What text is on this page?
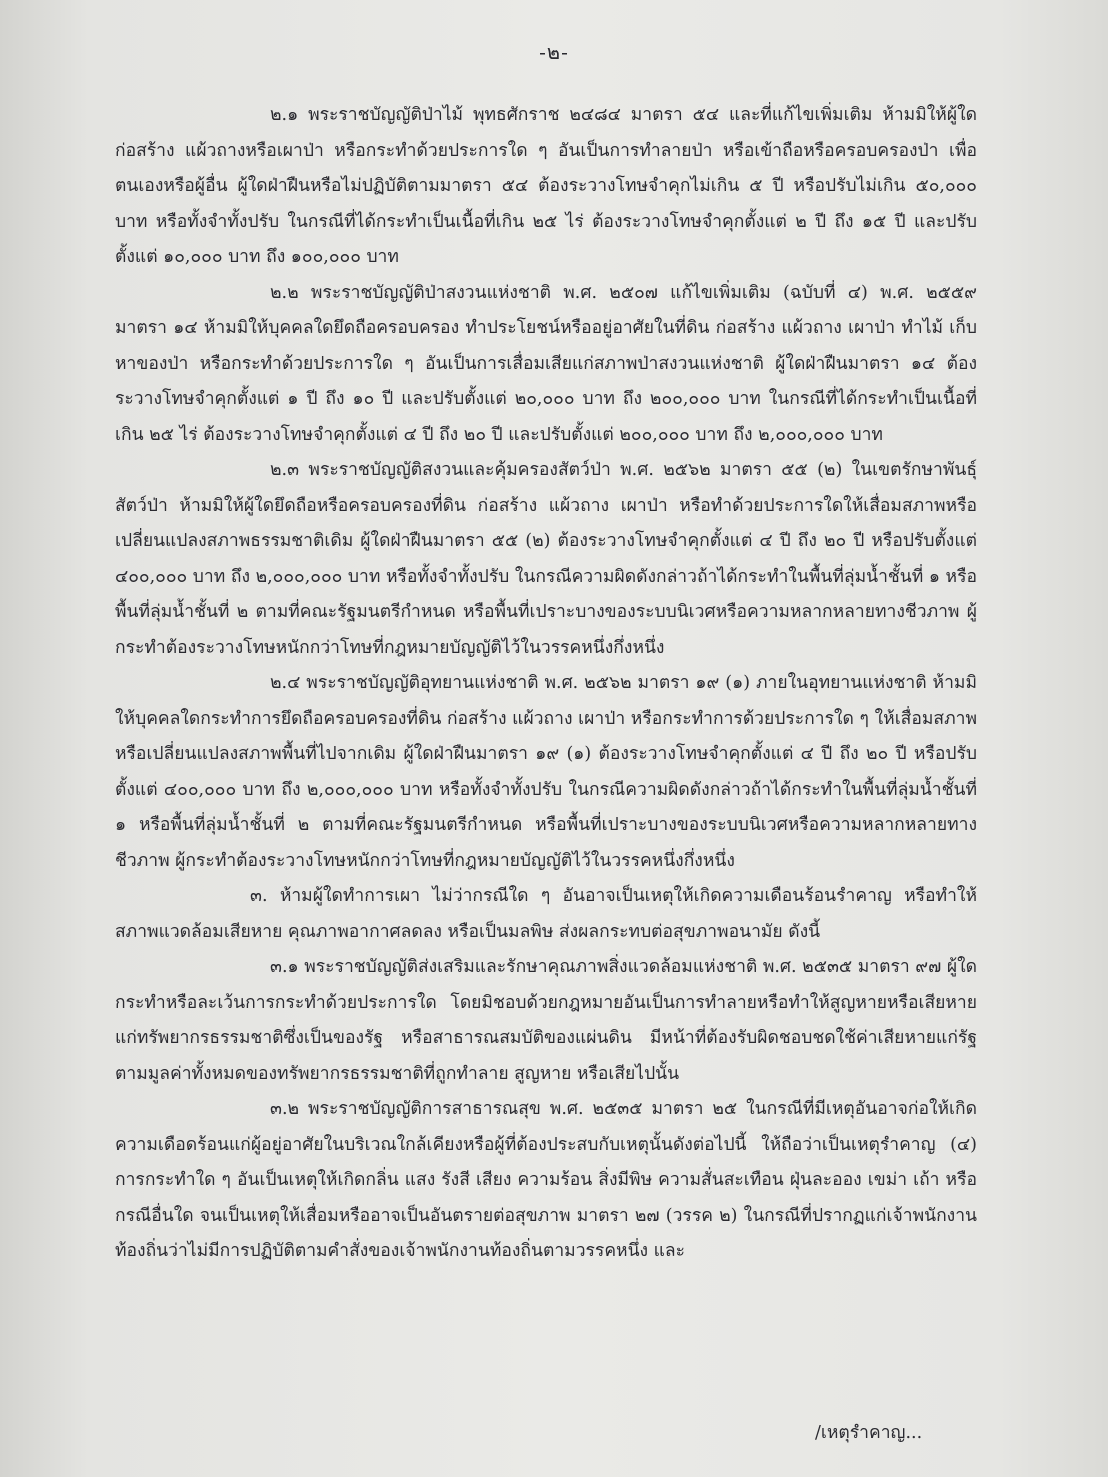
-๒-

๒.๑ พระราชบัญญัติป่าไม้ พุทธศักราช ๒๔๘๔ มาตรา ๕๔ และที่แก้ไขเพิ่มเติม ห้ามมิให้ผู้ใดก่อสร้าง แผ้วถางหรือเผาป่า หรือกระทำด้วยประการใด ๆ อันเป็นการทำลายป่า หรือเข้าถือหรือครอบครองป่า เพื่อตนเองหรือผู้อื่น ผู้ใดฝ่าฝืนหรือไม่ปฏิบัติตามมาตรา ๕๔ ต้องระวางโทษจำคุกไม่เกิน ๕ ปี หรือปรับไม่เกิน ๕๐,๐๐๐ บาท หรือทั้งจำทั้งปรับ ในกรณีที่ได้กระทำเป็นเนื้อที่เกิน ๒๕ ไร่ ต้องระวางโทษจำคุกตั้งแต่ ๒ ปี ถึง ๑๕ ปี และปรับตั้งแต่ ๑๐,๐๐๐ บาท ถึง ๑๐๐,๐๐๐ บาท

๒.๒ พระราชบัญญัติป่าสงวนแห่งชาติ พ.ศ. ๒๕๐๗ แก้ไขเพิ่มเติม (ฉบับที่ ๔) พ.ศ. ๒๕๕๙ มาตรา ๑๔ ห้ามมิให้บุคคลใดยึดถือครอบครอง ทำประโยชน์หรืออยู่อาศัยในที่ดิน ก่อสร้าง แผ้วถาง เผาป่า ทำไม้ เก็บหาของป่า หรือกระทำด้วยประการใด ๆ อันเป็นการเสื่อมเสียแก่สภาพป่าสงวนแห่งชาติ ผู้ใดฝ่าฝืนมาตรา ๑๔ ต้องระวางโทษจำคุกตั้งแต่ ๑ ปี ถึง ๑๐ ปี และปรับตั้งแต่ ๒๐,๐๐๐ บาท ถึง ๒๐๐,๐๐๐ บาท ในกรณีที่ได้กระทำเป็นเนื้อที่เกิน ๒๕ ไร่ ต้องระวางโทษจำคุกตั้งแต่ ๔ ปี ถึง ๒๐ ปี และปรับตั้งแต่ ๒๐๐,๐๐๐ บาท ถึง ๒,๐๐๐,๐๐๐ บาท

๒.๓ พระราชบัญญัติสงวนและคุ้มครองสัตว์ป่า พ.ศ. ๒๕๖๒ มาตรา ๕๕ (๒) ในเขตรักษาพันธุ์สัตว์ป่า ห้ามมิให้ผู้ใดยึดถือหรือครอบครองที่ดิน ก่อสร้าง แผ้วถาง เผาป่า หรือทำด้วยประการใดให้เสื่อมสภาพหรือเปลี่ยนแปลงสภาพธรรมชาติเดิม ผู้ใดฝ่าฝืนมาตรา ๕๕ (๒) ต้องระวางโทษจำคุกตั้งแต่ ๔ ปี ถึง ๒๐ ปี หรือปรับตั้งแต่ ๔๐๐,๐๐๐ บาท ถึง ๒,๐๐๐,๐๐๐ บาท หรือทั้งจำทั้งปรับ ในกรณีความผิดดังกล่าวถ้าได้กระทำในพื้นที่ลุ่มน้ำชั้นที่ ๑ หรือพื้นที่ลุ่มน้ำชั้นที่ ๒ ตามที่คณะรัฐมนตรีกำหนด หรือพื้นที่เปราะบางของระบบนิเวศหรือความหลากหลายทางชีวภาพ ผู้กระทำต้องระวางโทษหนักกว่าโทษที่กฎหมายบัญญัติไว้ในวรรคหนึ่งกึ่งหนึ่ง

๒.๔ พระราชบัญญัติอุทยานแห่งชาติ พ.ศ. ๒๕๖๒ มาตรา ๑๙ (๑) ภายในอุทยานแห่งชาติ ห้ามมิให้บุคคลใดกระทำการยึดถือครอบครองที่ดิน ก่อสร้าง แผ้วถาง เผาป่า หรือกระทำการด้วยประการใด ๆ ให้เสื่อมสภาพหรือเปลี่ยนแปลงสภาพพื้นที่ไปจากเดิม ผู้ใดฝ่าฝืนมาตรา ๑๙ (๑) ต้องระวางโทษจำคุกตั้งแต่ ๔ ปี ถึง ๒๐ ปี หรือปรับตั้งแต่ ๔๐๐,๐๐๐ บาท ถึง ๒,๐๐๐,๐๐๐ บาท หรือทั้งจำทั้งปรับ ในกรณีความผิดดังกล่าวถ้าได้กระทำในพื้นที่ลุ่มน้ำชั้นที่ ๑ หรือพื้นที่ลุ่มน้ำชั้นที่ ๒ ตามที่คณะรัฐมนตรีกำหนด หรือพื้นที่เปราะบางของระบบนิเวศหรือความหลากหลายทางชีวภาพ ผู้กระทำต้องระวางโทษหนักกว่าโทษที่กฎหมายบัญญัติไว้ในวรรคหนึ่งกึ่งหนึ่ง

๓. ห้ามผู้ใดทำการเผา ไม่ว่ากรณีใด ๆ อันอาจเป็นเหตุให้เกิดความเดือนร้อนรำคาญ หรือทำให้สภาพแวดล้อมเสียหาย คุณภาพอากาศลดลง หรือเป็นมลพิษ ส่งผลกระทบต่อสุขภาพอนามัย ดังนี้

๓.๑ พระราชบัญญัติส่งเสริมและรักษาคุณภาพสิ่งแวดล้อมแห่งชาติ พ.ศ. ๒๕๓๕ มาตรา ๙๗ ผู้ใดกระทำหรือละเว้นการกระทำด้วยประการใด โดยมิชอบด้วยกฎหมายอันเป็นการทำลายหรือทำให้สูญหายหรือเสียหายแก่ทรัพยากรธรรมชาติซึ่งเป็นของรัฐ หรือสาธารณสมบัติของแผ่นดิน มีหน้าที่ต้องรับผิดชอบชดใช้ค่าเสียหายแก่รัฐตามมูลค่าทั้งหมดของทรัพยากรธรรมชาติที่ถูกทำลาย สูญหาย หรือเสียไปนั้น

๓.๒ พระราชบัญญัติการสาธารณสุข พ.ศ. ๒๕๓๕ มาตรา ๒๕ ในกรณีที่มีเหตุอันอาจก่อให้เกิดความเดือดร้อนแก่ผู้อยู่อาศัยในบริเวณใกล้เคียงหรือผู้ที่ต้องประสบกับเหตุนั้นดังต่อไปนี้ ให้ถือว่าเป็นเหตุรำคาญ (๔) การกระทำใด ๆ อันเป็นเหตุให้เกิดกลิ่น แสง รังสี เสียง ความร้อน สิ่งมีพิษ ความสั่นสะเทือน ฝุ่นละออง เขม่า เถ้า หรือกรณีอื่นใด จนเป็นเหตุให้เสื่อมหรืออาจเป็นอันตรายต่อสุขภาพ มาตรา ๒๗ (วรรค ๒) ในกรณีที่ปรากฏแก่เจ้าพนักงานท้องถิ่นว่าไม่มีการปฏิบัติตามคำสั่งของเจ้าพนักงานท้องถิ่นตามวรรคหนึ่ง และ

/เหตุรำคาญ...
